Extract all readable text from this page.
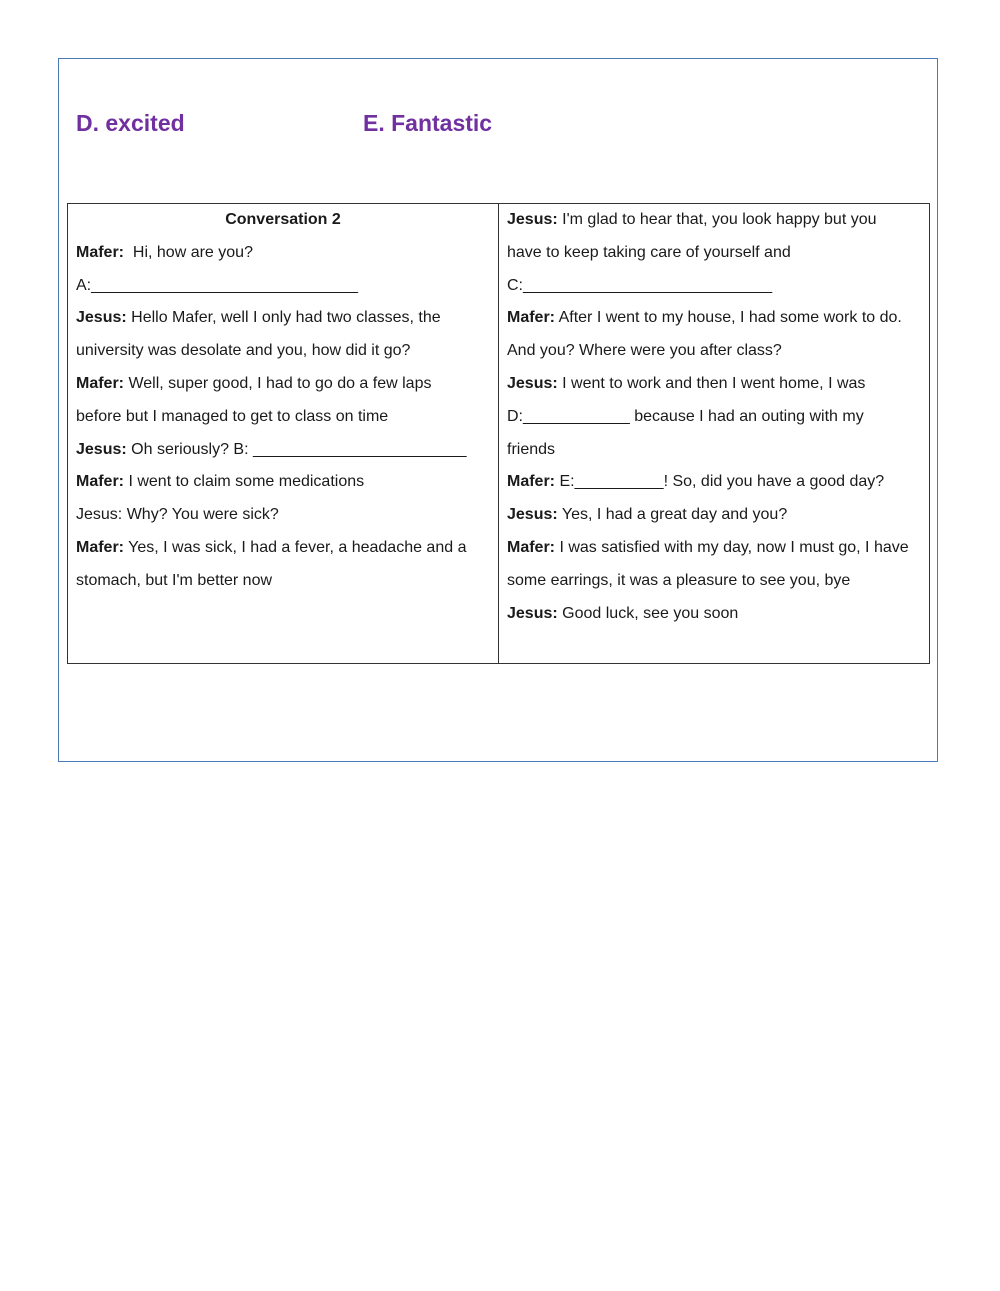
D. excited	E. Fantastic
Conversation 2
Mafer:  Hi, how are you?
A:______________________________
Jesus: Hello Mafer, well I only had two classes, the
university was desolate and you, how did it go?
Mafer: Well, super good, I had to go do a few laps
before but I managed to get to class on time
Jesus: Oh seriously? B: ________________________
Mafer: I went to claim some medications
Jesus: Why? You were sick?
Mafer: Yes, I was sick, I had a fever, a headache and a
stomach, but I'm better now
Jesus: I'm glad to hear that, you look happy but you
have to keep taking care of yourself and
C:____________________________
Mafer: After I went to my house, I had some work to do.
And you? Where were you after class?
Jesus: I went to work and then I went home, I was
D:____________ because I had an outing with my
friends
Mafer: E:__________! So, did you have a good day?
Jesus: Yes, I had a great day and you?
Mafer: I was satisfied with my day, now I must go, I have
some earrings, it was a pleasure to see you, bye
Jesus: Good luck, see you soon
